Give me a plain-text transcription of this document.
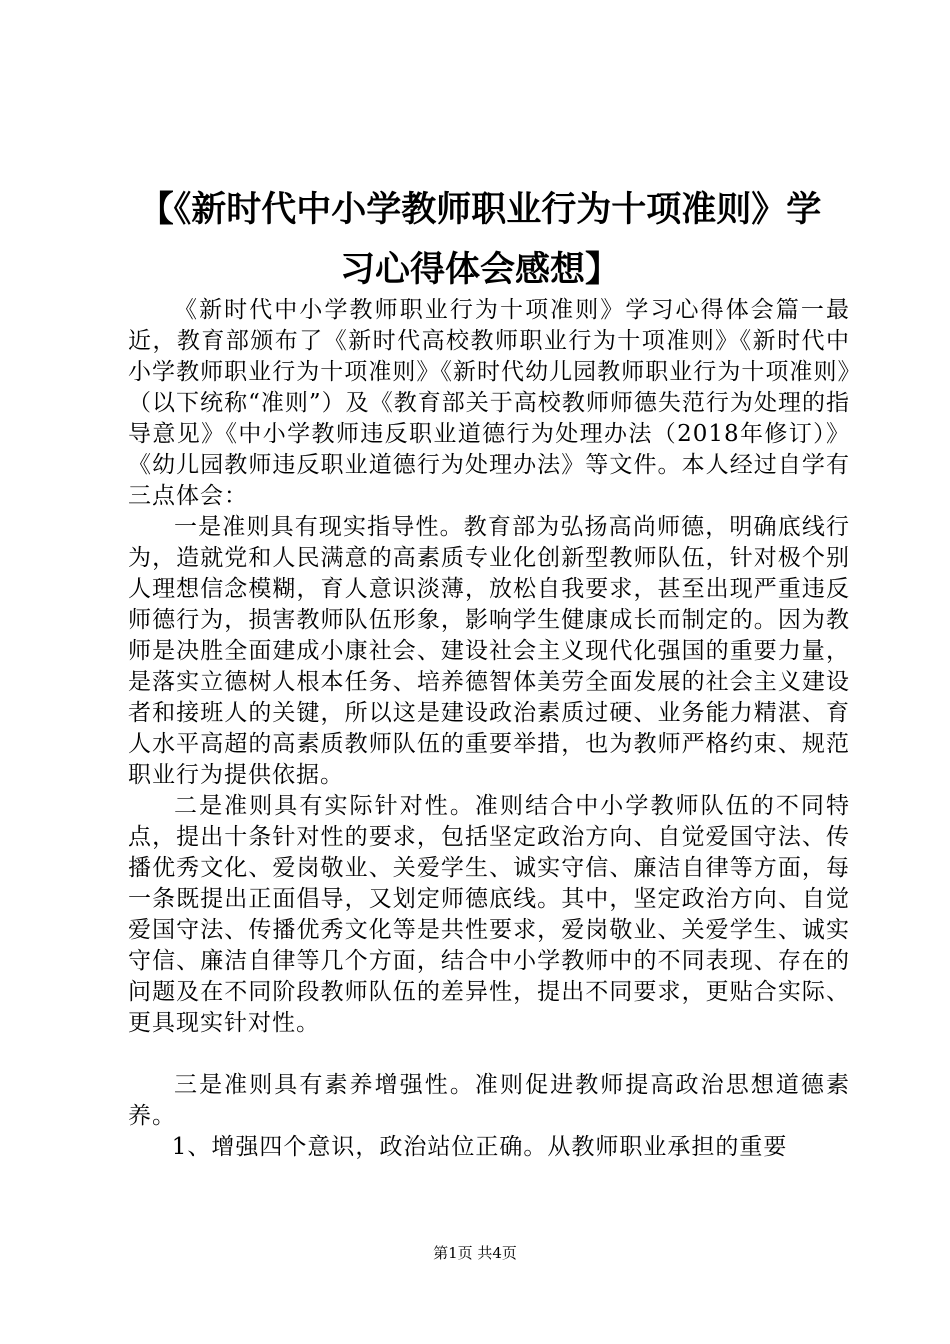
【《新时代中小学教师职业行为十项准则》学
习心得体会感想】

《新时代中小学教师职业行为十项准则》学习心得体会篇一最近，教育部颁布了《新时代高校教师职业行为十项准则》《新时代中小学教师职业行为十项准则》《新时代幼儿园教师职业行为十项准则》（以下统称“准则”）及《教育部关于高校教师师德失范行为处理的指导意见》《中小学教师违反职业道德行为处理办法（2018年修订）》《幼儿园教师违反职业道德行为处理办法》等文件。本人经过自学有三点体会：

一是准则具有现实指导性。教育部为弘扬高尚师德，明确底线行为，造就党和人民满意的高素质专业化创新型教师队伍，针对极个别人理想信念模糊，育人意识淡薄，放松自我要求，甚至出现严重违反师德行为，损害教师队伍形象，影响学生健康成长而制定的。因为教师是决胜全面建成小康社会、建设社会主义现代化强国的重要力量，是落实立德树人根本任务、培养德智体美劳全面发展的社会主义建设者和接班人的关键，所以这是建设政治素质过硬、业务能力精湛、育人水平高超的高素质教师队伍的重要举措，也为教师严格约束、规范职业行为提供依据。

二是准则具有实际针对性。准则结合中小学教师队伍的不同特点，提出十条针对性的要求，包括坚定政治方向、自觉爱国守法、传播优秀文化、爱岗敬业、关爱学生、诚实守信、廉洁自律等方面，每一条既提出正面倡导，又划定师德底线。其中，坚定政治方向、自觉爱国守法、传播优秀文化等是共性要求，爱岗敬业、关爱学生、诚实守信、廉洁自律等几个方面，结合中小学教师中的不同表现、存在的问题及在不同阶段教师队伍的差异性，提出不同要求，更贴合实际、更具现实针对性。

三是准则具有素养增强性。准则促进教师提高政治思想道德素养。

1、增强四个意识，政治站位正确。从教师职业承担的重要

第1页 共4页
